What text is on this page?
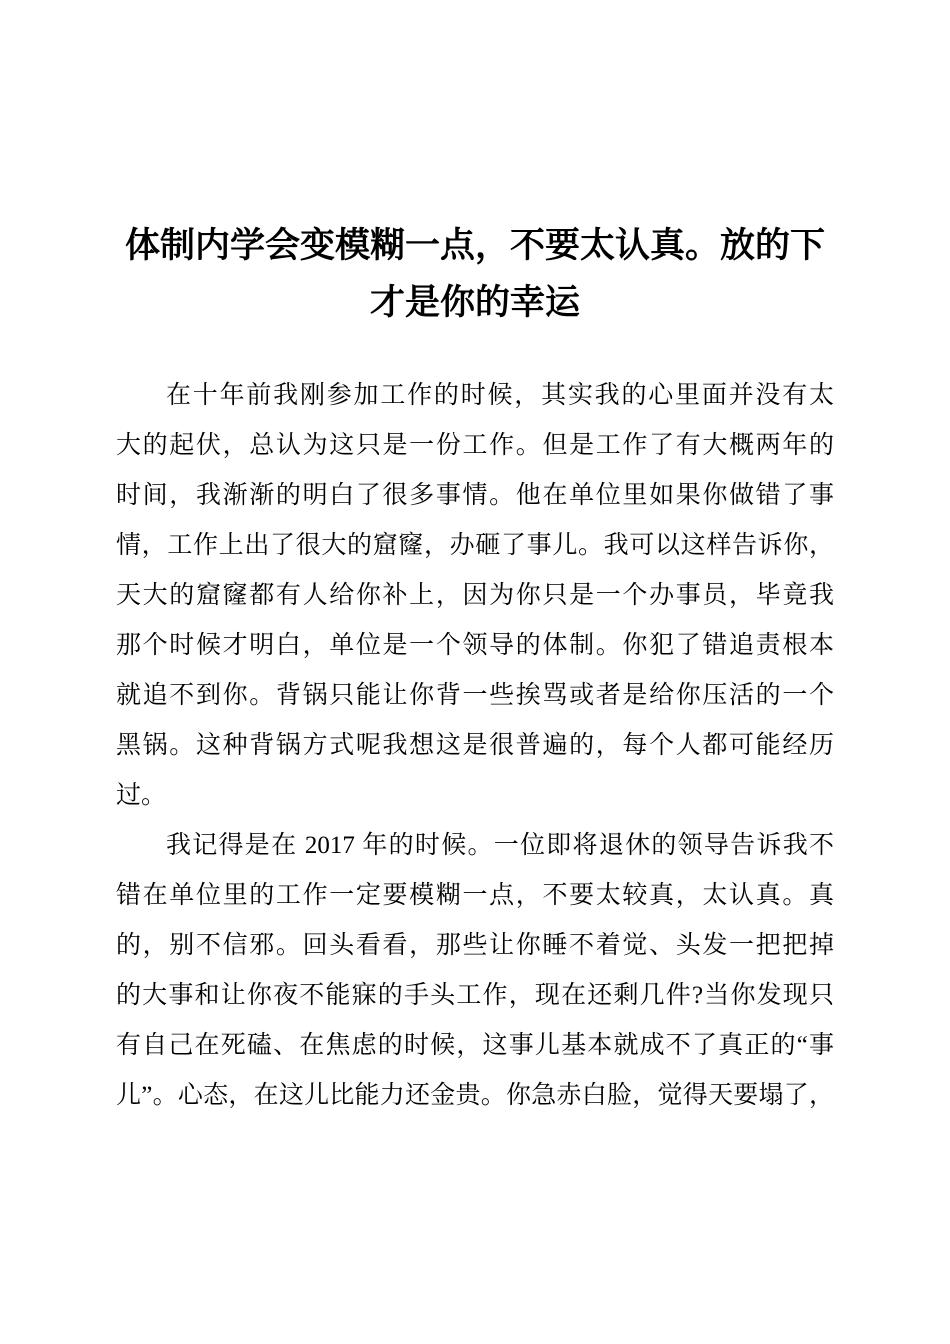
体制内学会变模糊一点，不要太认真。放的下
才是你的幸运
在十年前我刚参加工作的时候，其实我的心里面并没有太
大的起伏，总认为这只是一份工作。但是工作了有大概两年的
时间，我渐渐的明白了很多事情。他在单位里如果你做错了事
情，工作上出了很大的窟窿，办砸了事儿。我可以这样告诉你，
天大的窟窿都有人给你补上，因为你只是一个办事员，毕竟我
那个时候才明白，单位是一个领导的体制。你犯了错追责根本
就追不到你。背锅只能让你背一些挨骂或者是给你压活的一个
黑锅。这种背锅方式呢我想这是很普遍的，每个人都可能经历
过。
我记得是在 2017 年的时候。一位即将退休的领导告诉我不
错在单位里的工作一定要模糊一点，不要太较真，太认真。真
的，别不信邪。回头看看，那些让你睡不着觉、头发一把把掉
的大事和让你夜不能寐的手头工作，现在还剩几件?当你发现只
有自己在死磕、在焦虑的时候，这事儿基本就成不了真正的“事
儿”。心态，在这儿比能力还金贵。你急赤白脸，觉得天要塌了，
